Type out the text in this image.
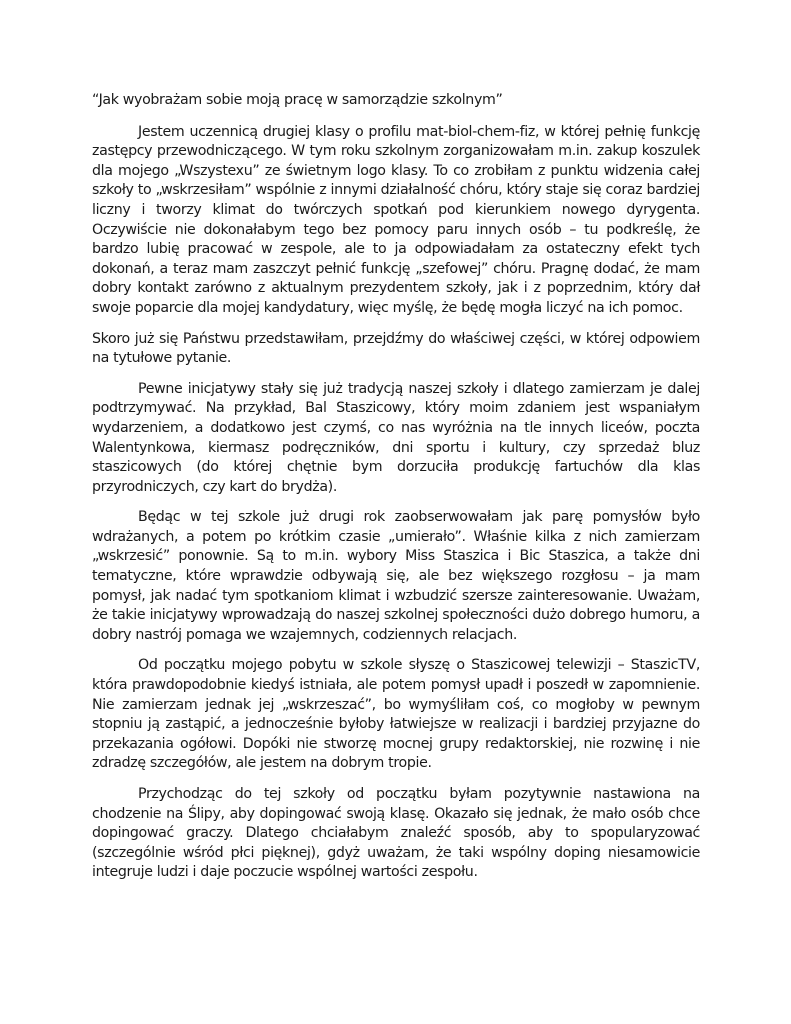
“Jak wyobrażam sobie moją pracę w samorządzie szkolnym”

Jestem uczennicą drugiej klasy o profilu mat-biol-chem-fiz, w której pełnię funkcję zastępcy przewodniczącego. W tym roku szkolnym zorganizowałam m.in. zakup koszulek dla mojego „Wszystexu” ze świetnym logo klasy. To co zrobiłam z punktu widzenia całej szkoły to „wskrzesiłam” wspólnie z innymi działalność chóru, który staje się coraz bardziej liczny i tworzy klimat do twórczych spotkań pod kierunkiem nowego dyrygenta. Oczywiście nie dokonałabym tego bez pomocy paru innych osób – tu podkreślę, że bardzo lubię pracować w zespole, ale to ja odpowiadałam za ostateczny efekt tych dokonań, a teraz mam zaszczyt pełnić funkcję „szefowej” chóru. Pragnę dodać, że mam dobry kontakt zarówno z aktualnym prezydentem szkoły, jak i z poprzednim, który dał swoje poparcie dla mojej kandydatury, więc myślę, że będę mogła liczyć na ich pomoc.

Skoro już się Państwu przedstawiłam, przejdźmy do właściwej części, w której odpowiem na tytułowe pytanie.

Pewne inicjatywy stały się już tradycją naszej szkoły i dlatego zamierzam je dalej podtrzymywać. Na przykład, Bal Staszicowy, który moim zdaniem jest wspaniałym wydarzeniem, a dodatkowo jest czymś, co nas wyróżnia na tle innych liceów, poczta Walentynkowa, kiermasz podręczników, dni sportu i kultury, czy sprzedaż bluz staszicowych (do której chętnie bym dorzuciła produkcję fartuchów dla klas przyrodniczych, czy kart do brydża).

Będąc w tej szkole już drugi rok zaobserwowałam jak parę pomysłów było wdrażanych, a potem po krótkim czasie „umierało”. Właśnie kilka z nich zamierzam „wskrzesić” ponownie. Są to m.in. wybory Miss Staszica i Bic Staszica, a także dni tematyczne, które wprawdzie odbywają się, ale bez większego rozgłosu – ja mam pomysł, jak nadać tym spotkaniom klimat i wzbudzić szersze zainteresowanie. Uważam, że takie inicjatywy wprowadzają do naszej szkolnej społeczności dużo dobrego humoru, a dobry nastrój pomaga we wzajemnych, codziennych relacjach.

Od początku mojego pobytu w szkole słyszę o Staszicowej telewizji – StaszicTV, która prawdopodobnie kiedyś istniała, ale potem pomysł upadł i poszedł w zapomnienie. Nie zamierzam jednak jej „wskrzeszać”, bo wymyśliłam coś, co mogłoby w pewnym stopniu ją zastąpić, a jednocześnie byłoby łatwiejsze w realizacji i bardziej przyjazne do przekazania ogółowi. Dopóki nie stworzę mocnej grupy redaktorskiej, nie rozwinę i nie zdradzę szczegółów, ale jestem na dobrym tropie.

Przychodząc do tej szkoły od początku byłam pozytywnie nastawiona na chodzenie na Ślipy, aby dopingować swoją klasę. Okazało się jednak, że mało osób chce dopingować graczy. Dlatego chciałabym znaleźć sposób, aby to spopularyzować (szczególnie wśród płci pięknej), gdyż uważam, że taki wspólny doping niesamowicie integruje ludzi i daje poczucie wspólnej wartości zespołu.
